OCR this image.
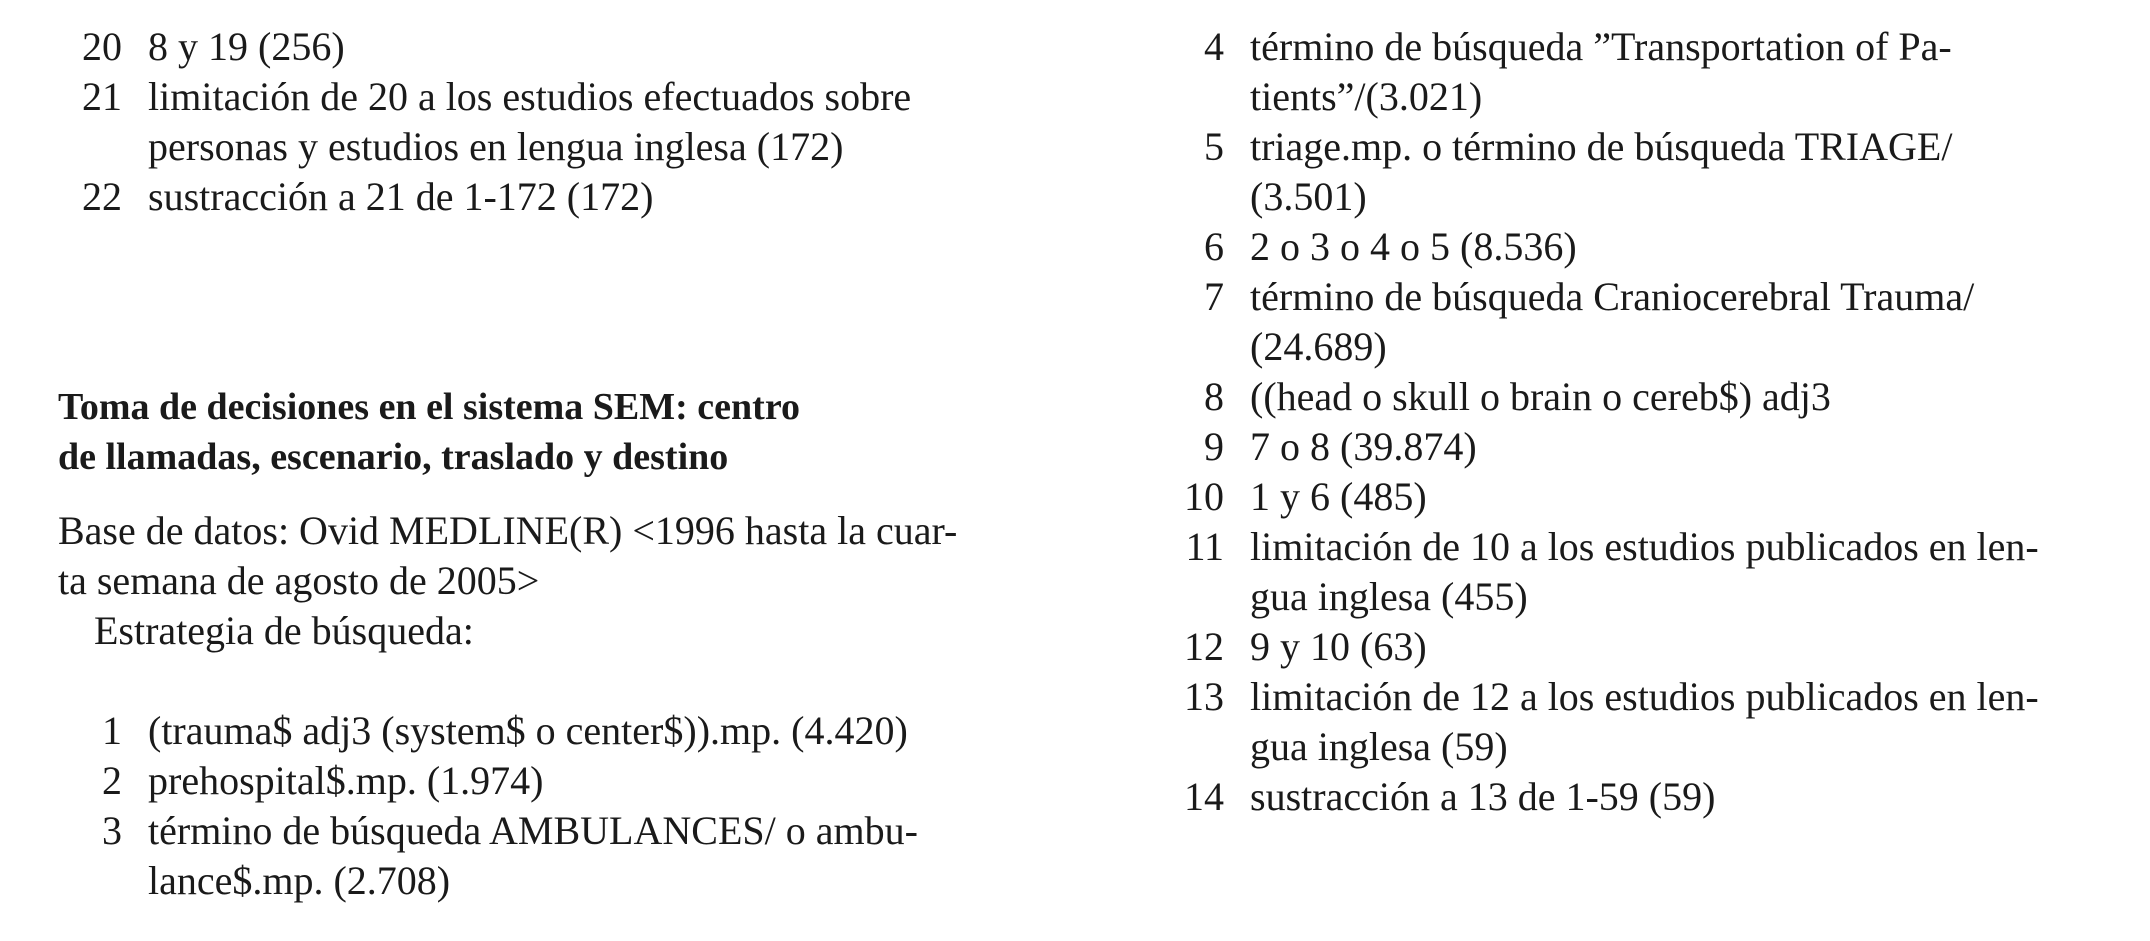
20 8 y 19 (256)
21 limitación de 20 a los estudios efectuados sobre
personas y estudios en lengua inglesa (172)
22 sustracción a 21 de 1-172 (172)
Toma de decisiones en el sistema SEM: centro
de llamadas, escenario, traslado y destino
Base de datos: Ovid MEDLINE(R) <1996 hasta la cuar-
ta semana de agosto de 2005>
Estrategia de búsqueda:
1 (trauma$ adj3 (system$ o center$)).mp. (4.420)
2 prehospital$.mp. (1.974)
3 término de búsqueda AMBULANCES/ o ambu-
lance$.mp. (2.708)
4 término de búsqueda ”Transportation of Pa-
tients”/(3.021)
5 triage.mp. o término de búsqueda TRIAGE/
(3.501)
6 2 o 3 o 4 o 5 (8.536)
7 término de búsqueda Craniocerebral Trauma/
(24.689)
8 ((head o skull o brain o cereb$) adj3
9 7 o 8 (39.874)
10 1 y 6 (485)
11 limitación de 10 a los estudios publicados en len-
gua inglesa (455)
12 9 y 10 (63)
13 limitación de 12 a los estudios publicados en len-
gua inglesa (59)
14 sustracción a 13 de 1-59 (59)
